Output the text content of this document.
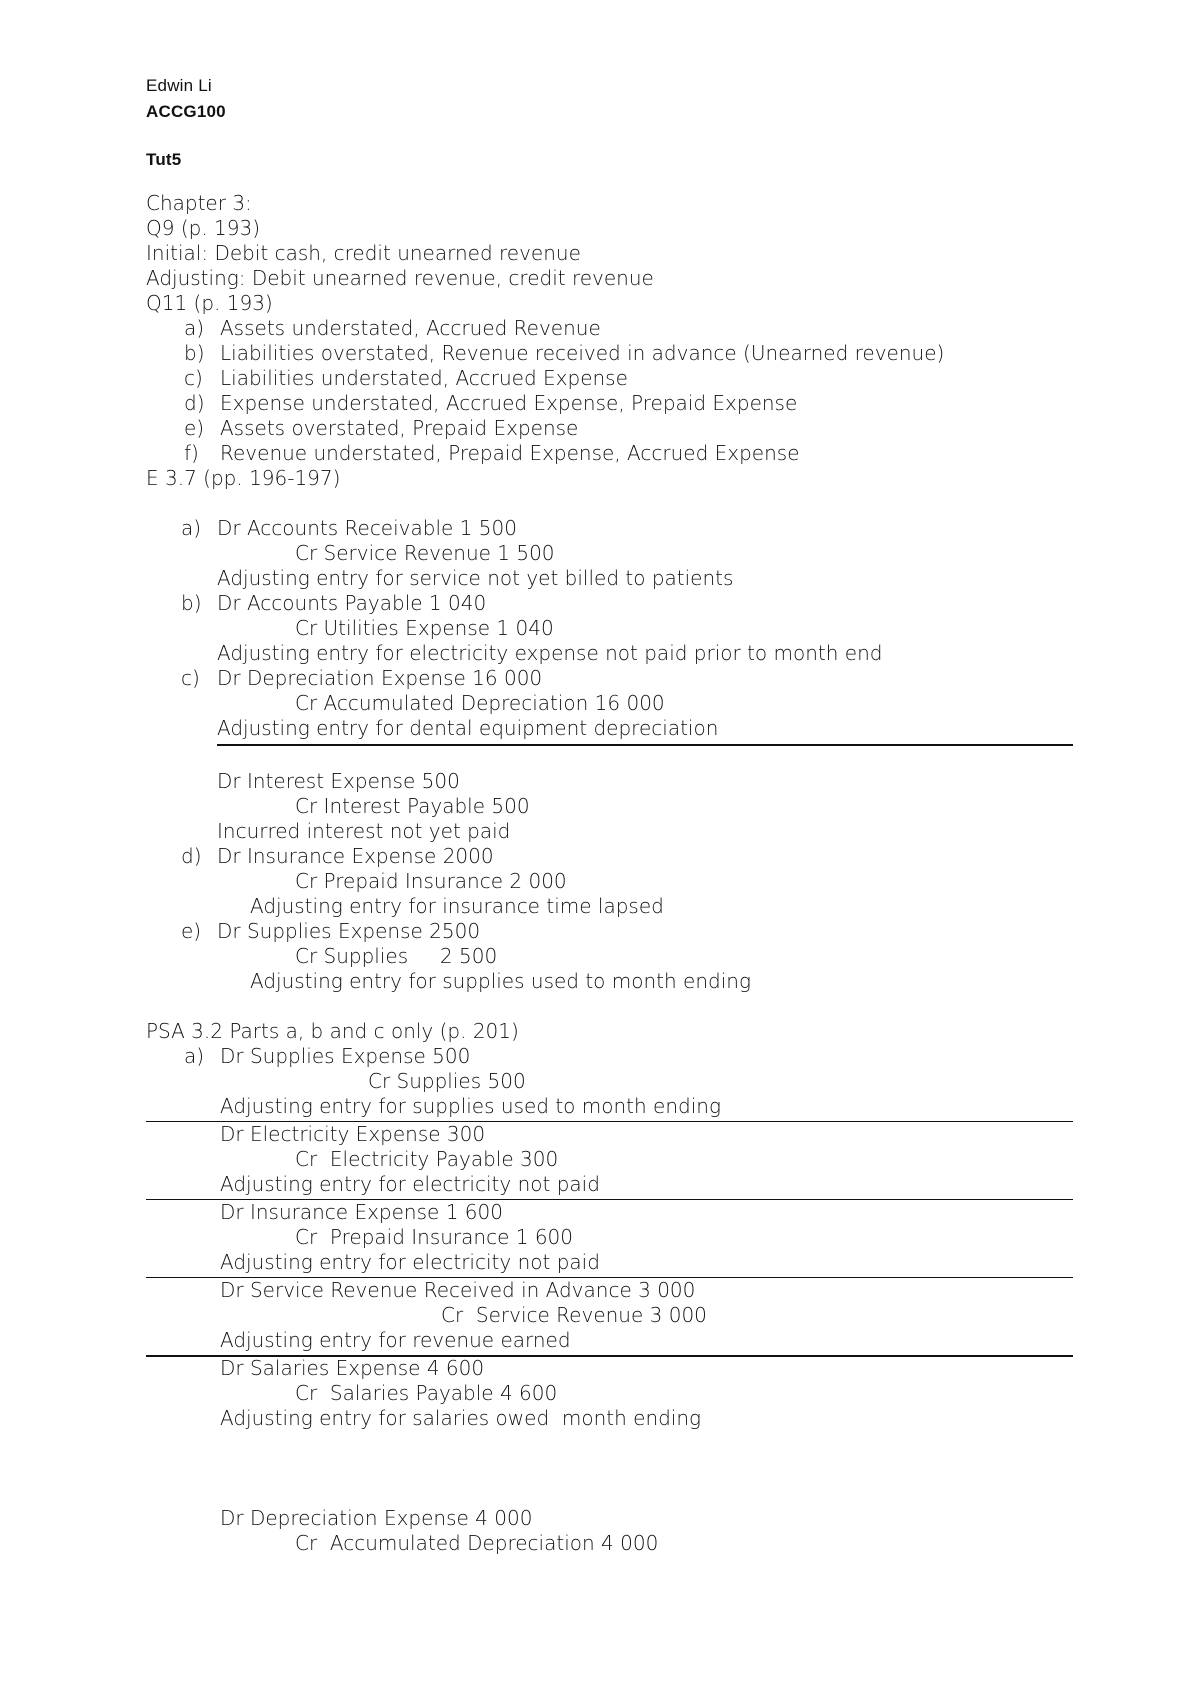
Edwin Li
ACCG100
Tut5
Chapter 3:
Q9 (p. 193)
Initial: Debit cash, credit unearned revenue
Adjusting: Debit unearned revenue, credit revenue
Q11 (p. 193)
a) Assets understated, Accrued Revenue
b) Liabilities overstated, Revenue received in advance (Unearned revenue)
c) Liabilities understated, Accrued Expense
d) Expense understated, Accrued Expense, Prepaid Expense
e) Assets overstated, Prepaid Expense
f) Revenue understated, Prepaid Expense, Accrued Expense
E 3.7 (pp. 196-197)
a) Dr Accounts Receivable 1 500
Cr Service Revenue 1 500
Adjusting entry for service not yet billed to patients
b) Dr Accounts Payable 1 040
Cr Utilities Expense 1 040
Adjusting entry for electricity expense not paid prior to month end
c) Dr Depreciation Expense 16 000
Cr Accumulated Depreciation 16 000
Adjusting entry for dental equipment depreciation
Dr Interest Expense 500
Cr Interest Payable 500
Incurred interest not yet paid
d) Dr Insurance Expense 2000
Cr Prepaid Insurance 2 000
Adjusting entry for insurance time lapsed
e) Dr Supplies Expense 2500
Cr Supplies     2 500
Adjusting entry for supplies used to month ending
PSA 3.2 Parts a, b and c only (p. 201)
a) Dr Supplies Expense 500
Cr Supplies 500
Adjusting entry for supplies used to month ending
Dr Electricity Expense 300
Cr  Electricity Payable 300
Adjusting entry for electricity not paid
Dr Insurance Expense 1 600
Cr  Prepaid Insurance 1 600
Adjusting entry for electricity not paid
Dr Service Revenue Received in Advance 3 000
Cr  Service Revenue 3 000
Adjusting entry for revenue earned
Dr Salaries Expense 4 600
Cr  Salaries Payable 4 600
Adjusting entry for salaries owed  month ending
Dr Depreciation Expense 4 000
Cr  Accumulated Depreciation 4 000
